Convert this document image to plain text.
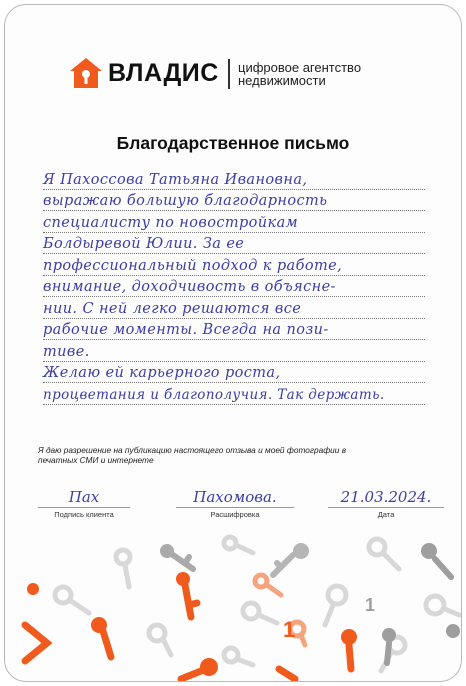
ВЛАДИС цифровое агентство
недвижимости
Благодарственное письмо
Я Пахоссова Татьяна Ивановна,
выражаю большую благодарность
специалисту по новостройкам
Болдыревой Юлии. За ее
профессиональный подход к работе,
внимание, доходчивость в объясне-
нии. С ней легко решаются все
рабочие моменты. Всегда на пози-
тиве.
Желаю ей карьерного роста,
процветания и благополучия. Так держать.
Я даю разрешение на публикацию настоящего отзыва и моей фотографии в печатных СМИ и интернете
Пах
Подпись клиента
Пахомова.
Расшифровка
21.03.2024.
Дата
1
1
